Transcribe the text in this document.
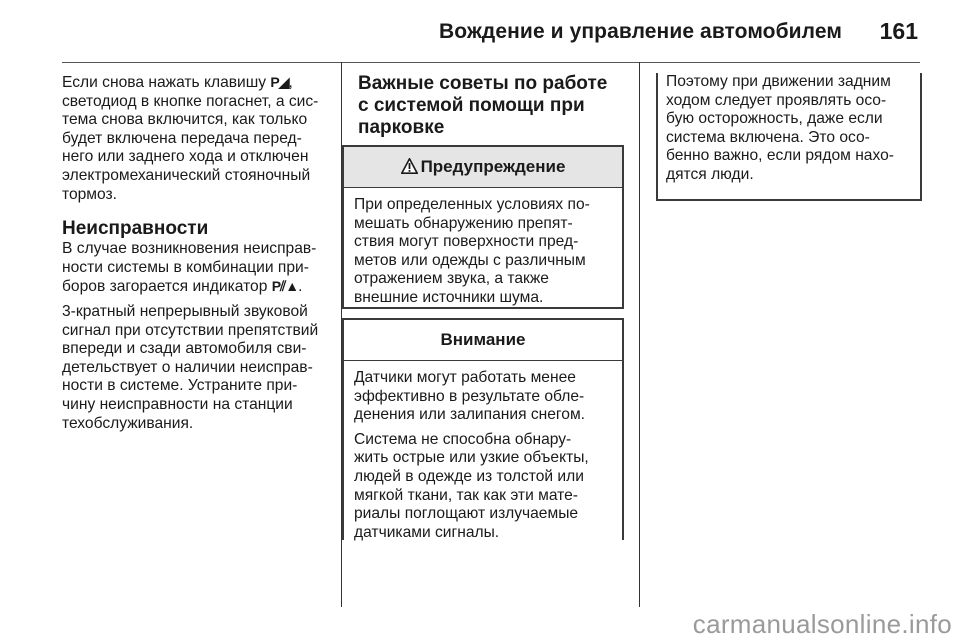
Вождение и управление автомобилем 161

Если снова нажать клавишу P◢,
светодиод в кнопке погаснет, а сис-
тема снова включится, как только
будет включена передача перед-
него или заднего хода и отключен
электромеханический стояночный
тормоз.

Неисправности

В случае возникновения неисправ-
ности системы в комбинации при-
боров загорается индикатор P⫽▲.

3-кратный непрерывный звуковой
сигнал при отсутствии препятствий
впереди и сзади автомобиля сви-
детельствует о наличии неисправ-
ности в системе. Устраните при-
чину неисправности на станции
техобслуживания.

Важные советы по работе
с системой помощи при
парковке
Предупреждение

При определенных условиях по-
мешать обнаружению препят-
ствия могут поверхности пред-
метов или одежды с различным
отражением звука, а также
внешние источники шума.

Внимание

Датчики могут работать менее
эффективно в результате обле-
денения или залипания снегом.

Система не способна обнару-
жить острые или узкие объекты,
людей в одежде из толстой или
мягкой ткани, так как эти мате-
риалы поглощают излучаемые
датчиками сигналы.

Поэтому при движении задним
ходом следует проявлять осо-
бую осторожность, даже если
система включена. Это осо-
бенно важно, если рядом нахо-
дятся люди.

carmanualsonline.info
